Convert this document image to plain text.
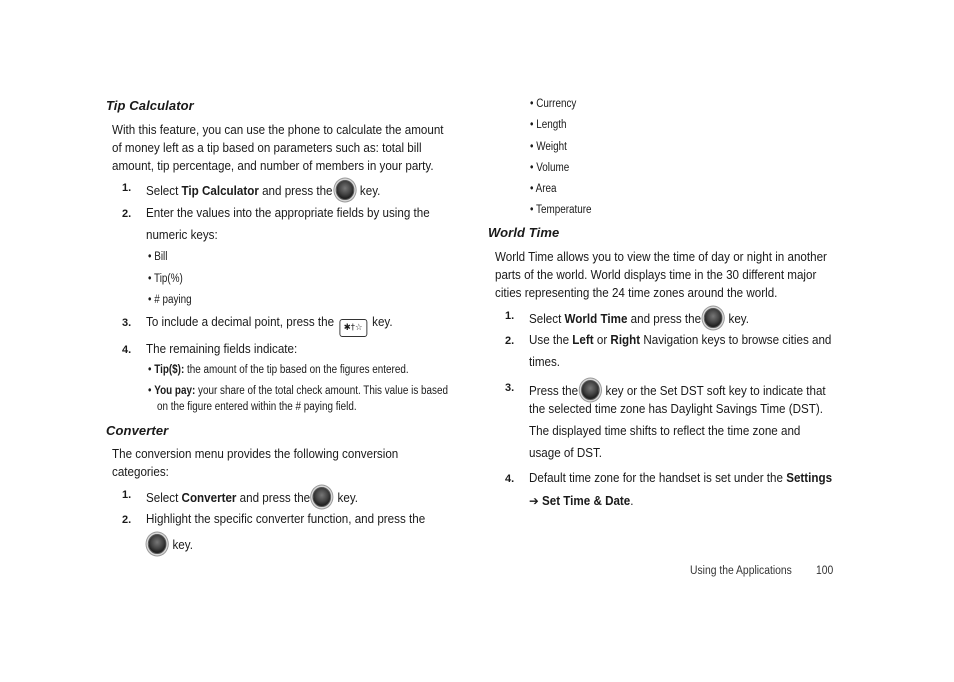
Tip Calculator
With this feature, you can use the phone to calculate the amount
of money left as a tip based on parameters such as: total bill
amount, tip percentage, and number of members in your party.
1. Select Tip Calculator and press the key.
2. Enter the values into the appropriate fields by using the
numeric keys:
• Bill
• Tip(%)
• # paying
3. To include a decimal point, press the ✱†☆ key.
4. The remaining fields indicate:
• Tip($): the amount of the tip based on the figures entered.
• You pay: your share of the total check amount. This value is based
on the figure entered within the # paying field.
Converter
The conversion menu provides the following conversion
categories:
1. Select Converter and press the key.
2. Highlight the specific converter function, and press the
key.
• Currency
• Length
• Weight
• Volume
• Area
• Temperature
World Time
World Time allows you to view the time of day or night in another
parts of the world. World displays time in the 30 different major
cities representing the 24 time zones around the world.
1. Select World Time and press the key.
2. Use the Left or Right Navigation keys to browse cities and
times.
3. Press the key or the Set DST soft key to indicate that
the selected time zone has Daylight Savings Time (DST).
The displayed time shifts to reflect the time zone and
usage of DST.
4. Default time zone for the handset is set under the Settings
➔ Set Time & Date.
Using the Applications 100
